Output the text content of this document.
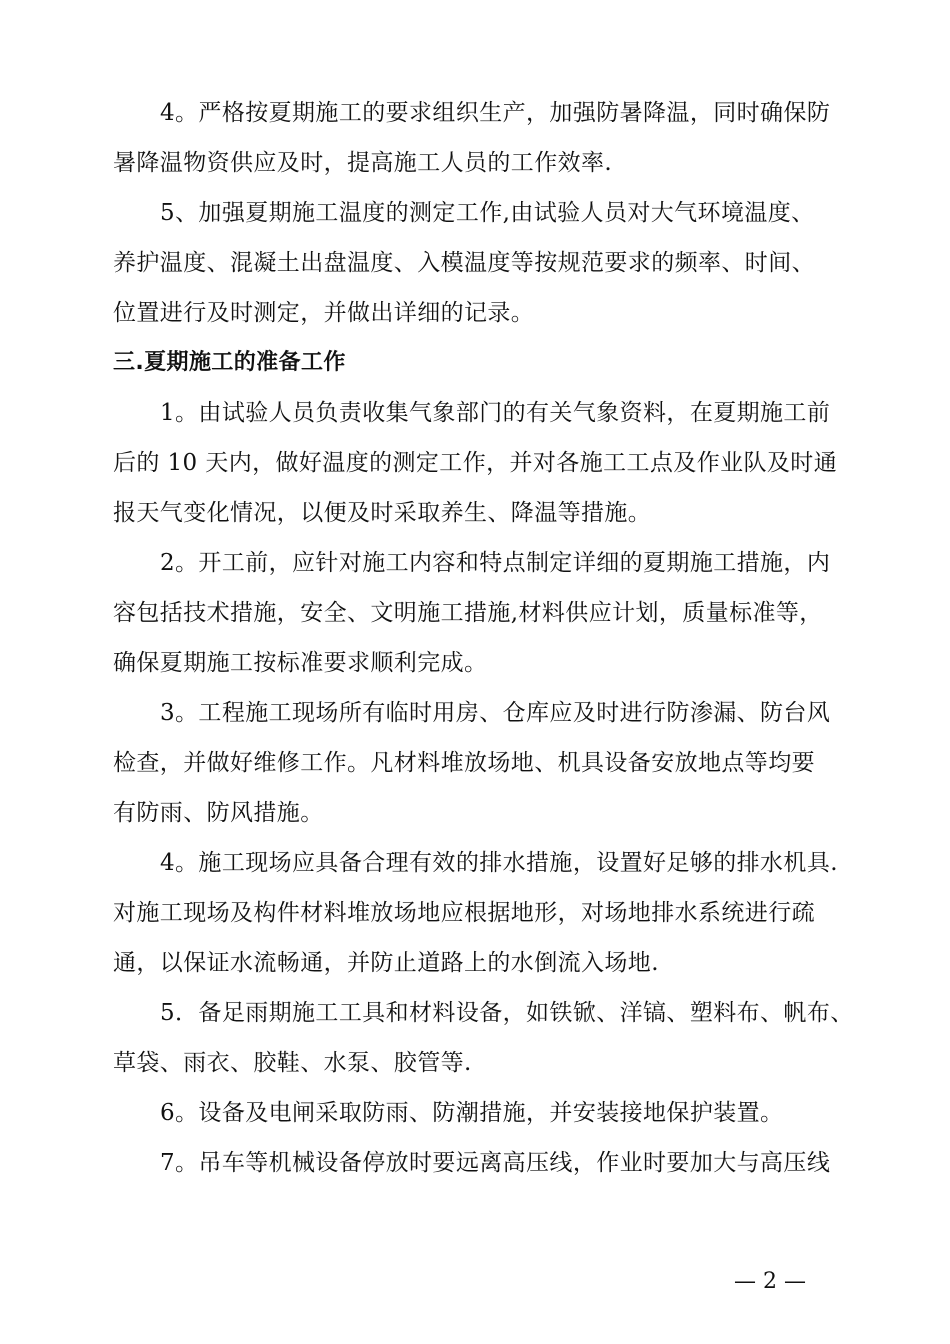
4。严格按夏期施工的要求组织生产，加强防暑降温，同时确保防
暑降温物资供应及时，提高施工人员的工作效率.
5、加强夏期施工温度的测定工作,由试验人员对大气环境温度、
养护温度、混凝土出盘温度、入模温度等按规范要求的频率、时间、
位置进行及时测定，并做出详细的记录。
三.夏期施工的准备工作
1。由试验人员负责收集气象部门的有关气象资料，在夏期施工前
后的 10 天内，做好温度的测定工作，并对各施工工点及作业队及时通
报天气变化情况，以便及时采取养生、降温等措施。
2。开工前，应针对施工内容和特点制定详细的夏期施工措施，内
容包括技术措施，安全、文明施工措施,材料供应计划，质量标准等，
确保夏期施工按标准要求顺利完成。
3。工程施工现场所有临时用房、仓库应及时进行防渗漏、防台风
检查，并做好维修工作。凡材料堆放场地、机具设备安放地点等均要
有防雨、防风措施。
4。施工现场应具备合理有效的排水措施，设置好足够的排水机具.
对施工现场及构件材料堆放场地应根据地形，对场地排水系统进行疏
通，以保证水流畅通，并防止道路上的水倒流入场地.
5．备足雨期施工工具和材料设备，如铁锨、洋镐、塑料布、帆布、
草袋、雨衣、胶鞋、水泵、胶管等.
6。设备及电闸采取防雨、防潮措施，并安装接地保护装置。
7。吊车等机械设备停放时要远离高压线，作业时要加大与高压线
— 2 —
